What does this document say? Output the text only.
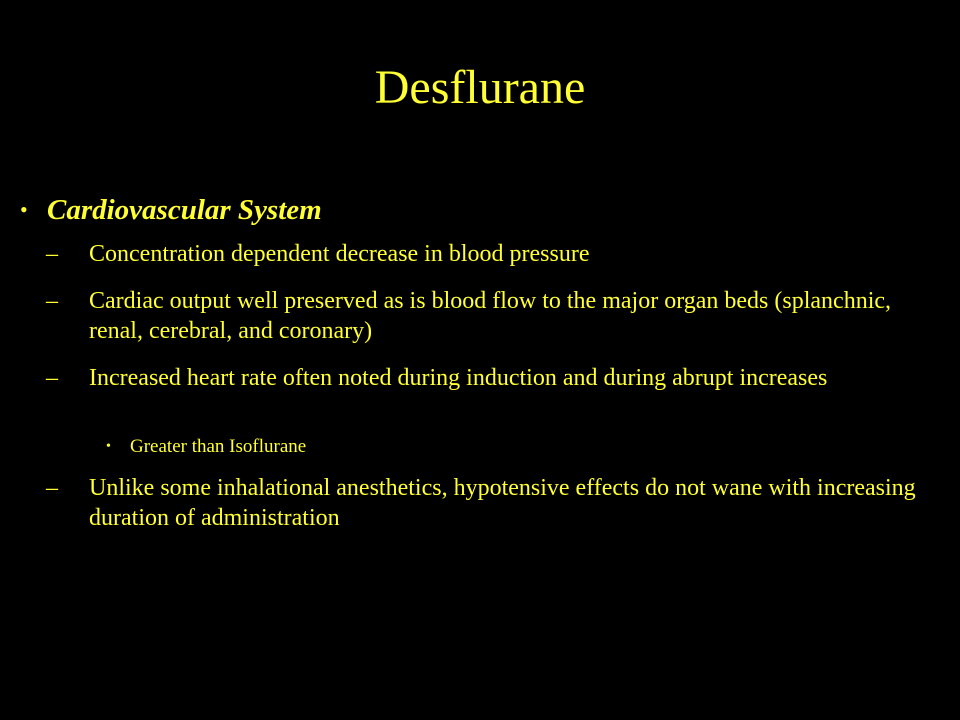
Desflurane
• Cardiovascular System
– Concentration dependent decrease in blood pressure
– Cardiac output well preserved as is blood flow to the major organ beds (splanchnic, renal, cerebral, and coronary)
– Increased heart rate often noted during induction and during abrupt increases
• Greater than Isoflurane
– Unlike some inhalational anesthetics, hypotensive effects do not wane with increasing duration of administration
